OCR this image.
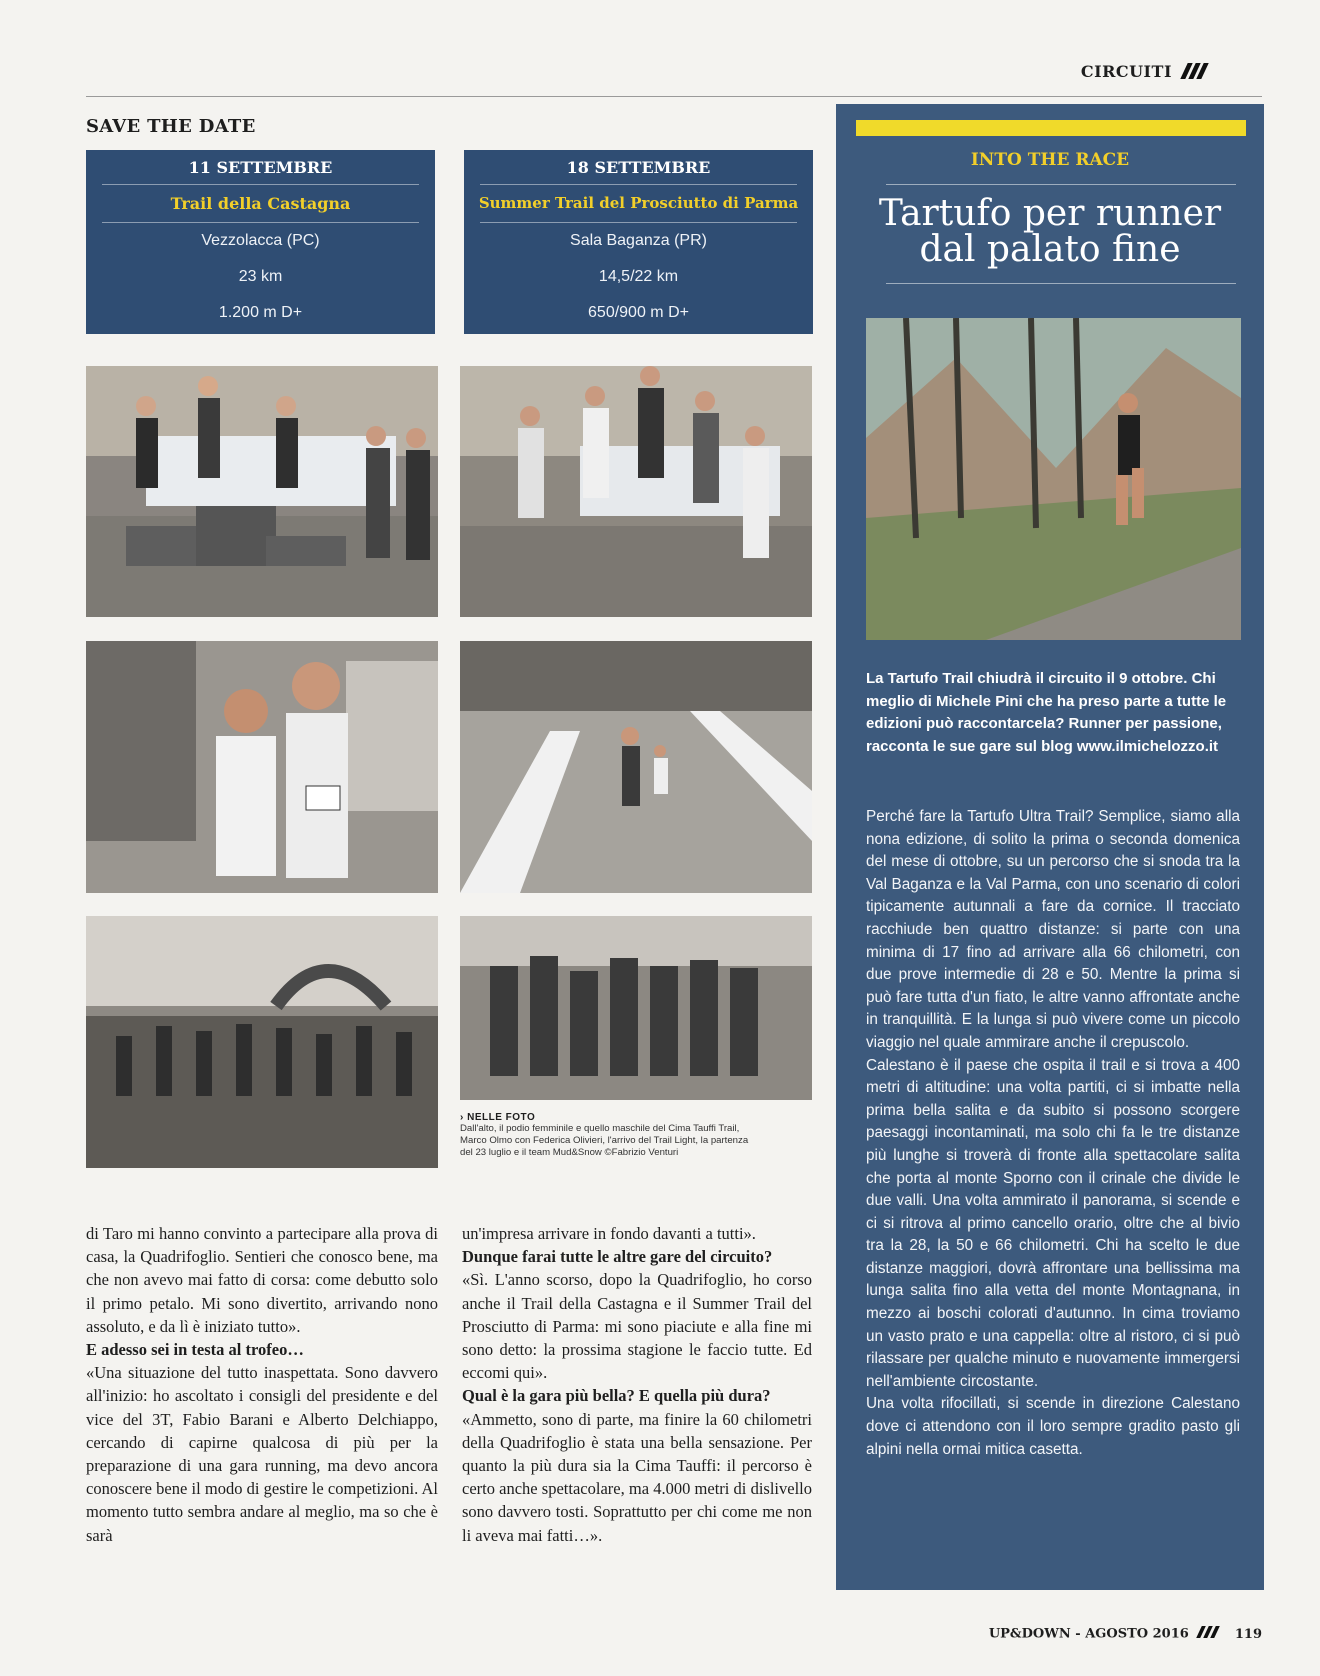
CIRCUITI
SAVE THE DATE
11 SETTEMBRE
Trail della Castagna
Vezzolacca (PC)
23 km
1.200 m D+
18 SETTEMBRE
Summer Trail del Prosciutto di Parma
Sala Baganza (PR)
14,5/22 km
650/900 m D+
› NELLE FOTO
Dall'alto, il podio femminile e quello maschile del Cima Tauffi Trail,
Marco Olmo con Federica Olivieri, l'arrivo del Trail Light, la partenza
del 23 luglio e il team Mud&Snow ©Fabrizio Venturi

di Taro mi hanno convinto a partecipare alla prova di casa, la Quadrifoglio. Sentieri che conosco bene, ma che non avevo mai fatto di corsa: come debutto solo il primo petalo. Mi sono divertito, arrivando nono assoluto, e da lì è iniziato tutto».

E adesso sei in testa al trofeo…

«Una situazione del tutto inaspettata. Sono davvero all'inizio: ho ascoltato i consigli del presidente e del vice del 3T, Fabio Barani e Alberto Delchiappo, cercando di capirne qualcosa di più per la preparazione di una gara running, ma devo ancora conoscere bene il modo di gestire le competizioni. Al momento tutto sembra andare al meglio, ma so che è sarà

un'impresa arrivare in fondo davanti a tutti».

Dunque farai tutte le altre gare del circuito?

«Sì. L'anno scorso, dopo la Quadrifoglio, ho corso anche il Trail della Castagna e il Summer Trail del Prosciutto di Parma: mi sono piaciute e alla fine mi sono detto: la prossima stagione le faccio tutte. Ed eccomi qui».

Qual è la gara più bella? E quella più dura?

«Ammetto, sono di parte, ma finire la 60 chilometri della Quadrifoglio è stata una bella sensazione. Per quanto la più dura sia la Cima Tauffi: il percorso è certo anche spettacolare, ma 4.000 metri di dislivello sono davvero tosti. Soprattutto per chi come me non li aveva mai fatti…».

INTO THE RACE
Tartufo per runner
dal palato fine
La Tartufo Trail chiudrà il circuito il 9 ottobre. Chi meglio di Michele Pini che ha preso parte a tutte le edizioni può raccontarcela? Runner per passione, racconta le sue gare sul blog www.ilmichelozzo.it

Perché fare la Tartufo Ultra Trail? Semplice, siamo alla nona edizione, di solito la prima o seconda domenica del mese di ottobre, su un percorso che si snoda tra la Val Baganza e la Val Parma, con uno scenario di colori tipicamente autunnali a fare da cornice. Il tracciato racchiude ben quattro distanze: si parte con una minima di 17 fino ad arrivare alla 66 chilometri, con due prove intermedie di 28 e 50. Mentre la prima si può fare tutta d'un fiato, le altre vanno affrontate anche in tranquillità. E la lunga si può vivere come un piccolo viaggio nel quale ammirare anche il crepuscolo.

Calestano è il paese che ospita il trail e si trova a 400 metri di altitudine: una volta partiti, ci si imbatte nella prima bella salita e da subito si possono scorgere paesaggi incontaminati, ma solo chi fa le tre distanze più lunghe si troverà di fronte alla spettacolare salita che porta al monte Sporno con il crinale che divide le due valli. Una volta ammirato il panorama, si scende e ci si ritrova al primo cancello orario, oltre che al bivio tra la 28, la 50 e 66 chilometri. Chi ha scelto le due distanze maggiori, dovrà affrontare una bellissima ma lunga salita fino alla vetta del monte Montagnana, in mezzo ai boschi colorati d'autunno. In cima troviamo un vasto prato e una cappella: oltre al ristoro, ci si può rilassare per qualche minuto e nuovamente immergersi nell'ambiente circostante.

Una volta rifocillati, si scende in direzione Calestano dove ci attendono con il loro sempre gradito pasto gli alpini nella ormai mitica casetta.

UP&DOWN - AGOSTO 2016	119
